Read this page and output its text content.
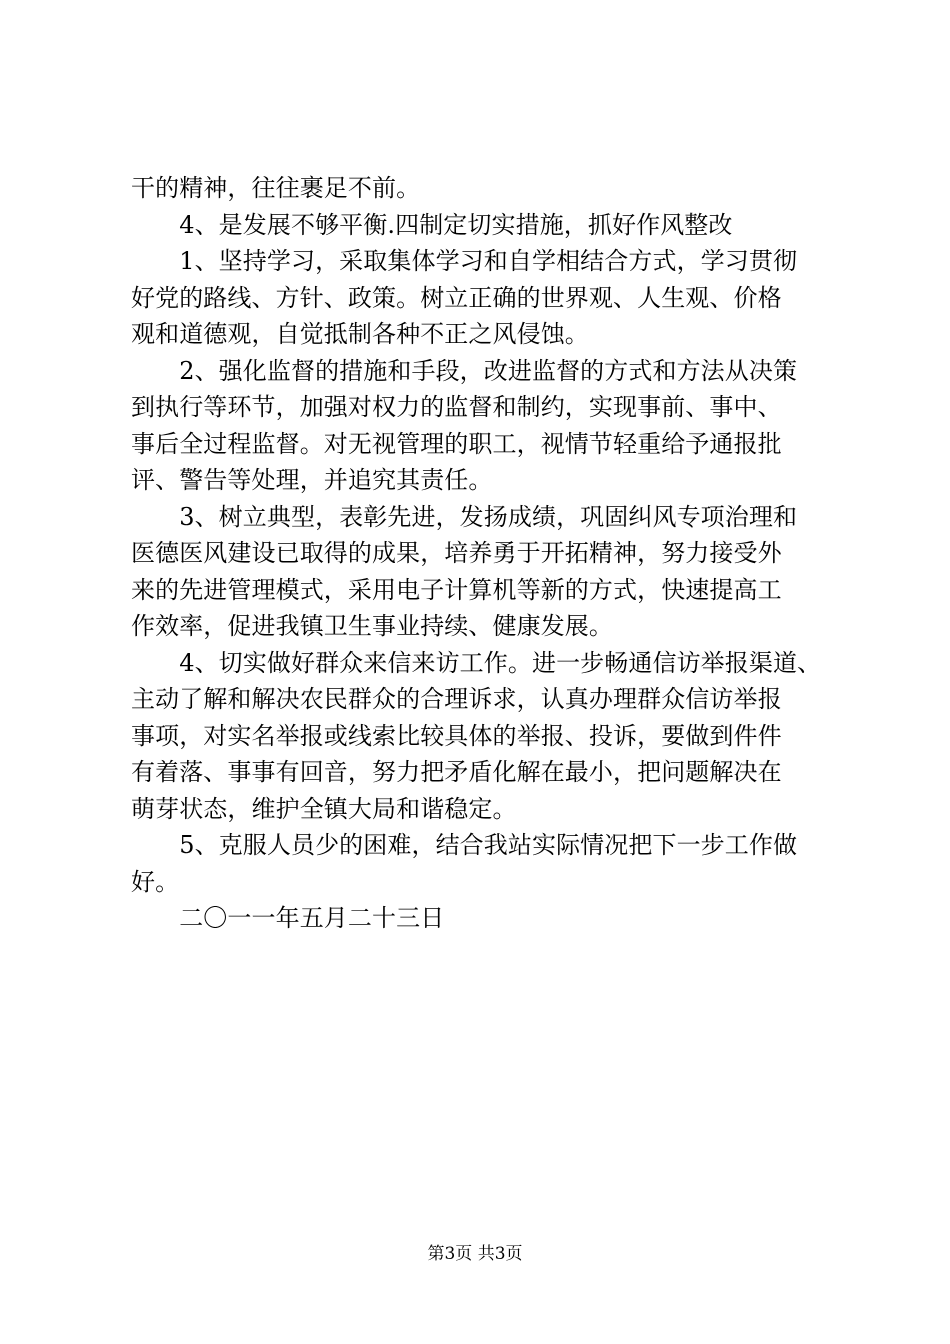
干的精神，往往裹足不前。
　　4、是发展不够平衡.四制定切实措施，抓好作风整改
　　1、坚持学习，采取集体学习和自学相结合方式，学习贯彻
好党的路线、方针、政策。树立正确的世界观、人生观、价格
观和道德观，自觉抵制各种不正之风侵蚀。
　　2、强化监督的措施和手段，改进监督的方式和方法从决策
到执行等环节，加强对权力的监督和制约，实现事前、事中、
事后全过程监督。对无视管理的职工，视情节轻重给予通报批
评、警告等处理，并追究其责任。
　　3、树立典型，表彰先进，发扬成绩，巩固纠风专项治理和
医德医风建设已取得的成果，培养勇于开拓精神，努力接受外
来的先进管理模式，采用电子计算机等新的方式，快速提高工
作效率，促进我镇卫生事业持续、健康发展。
　　4、切实做好群众来信来访工作。进一步畅通信访举报渠道、
主动了解和解决农民群众的合理诉求，认真办理群众信访举报
事项，对实名举报或线索比较具体的举报、投诉，要做到件件
有着落、事事有回音，努力把矛盾化解在最小，把问题解决在
萌芽状态，维护全镇大局和谐稳定。
　　5、克服人员少的困难，结合我站实际情况把下一步工作做
好。
　　二〇一一年五月二十三日
第3页 共3页
